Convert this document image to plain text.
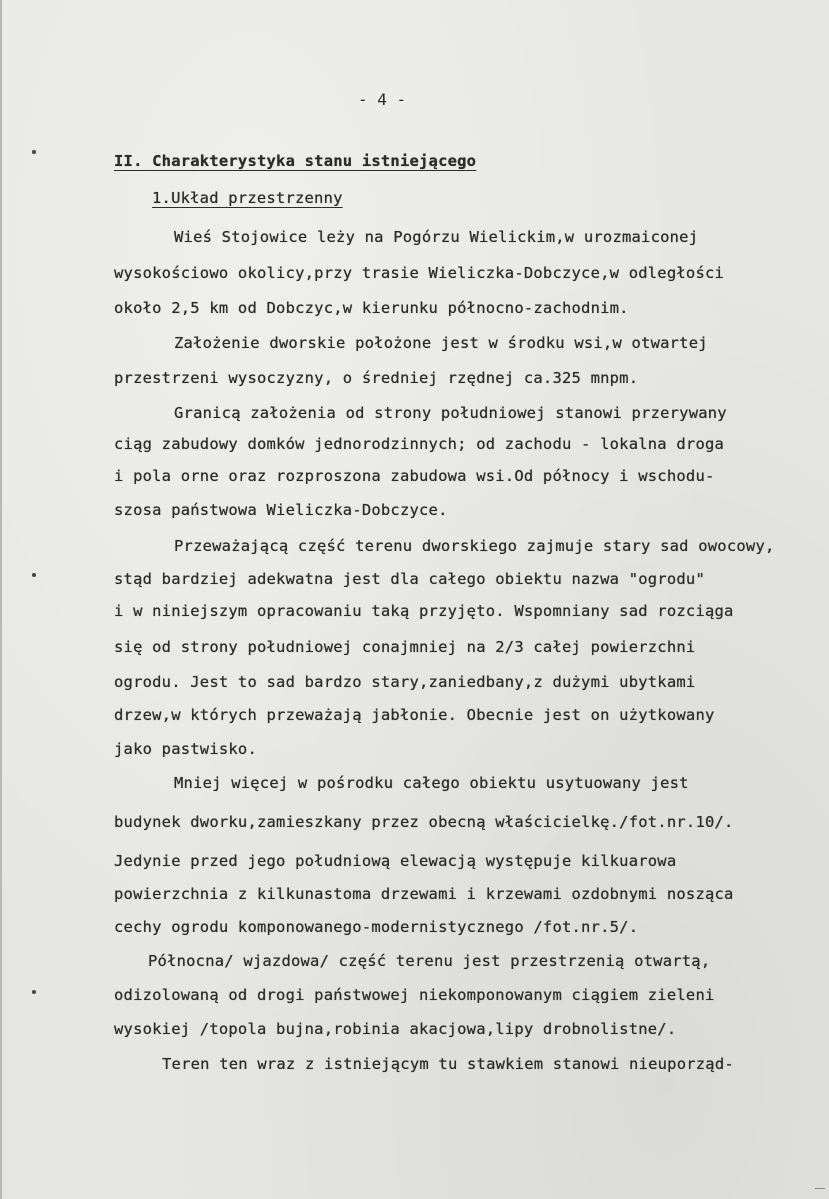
- 4 -
II. Charakterystyka stanu istniejącego
1.Układ przestrzenny
Wieś Stojowice leży na Pogórzu Wielickim,w urozmaiconej
wysokościowo okolicy,przy trasie Wieliczka-Dobczyce,w odległości
około 2,5 km od Dobczyc,w kierunku północno-zachodnim.
Założenie dworskie położone jest w środku wsi,w otwartej
przestrzeni wysoczyzny, o średniej rzędnej ca.325 mnpm.
Granicą założenia od strony południowej stanowi przerywany
ciąg zabudowy domków jednorodzinnych; od zachodu - lokalna droga
i pola orne oraz rozproszona zabudowa wsi.Od północy i wschodu-
szosa państwowa Wieliczka-Dobczyce.
Przeważającą część terenu dworskiego zajmuje stary sad owocowy,
stąd bardziej adekwatna jest dla całego obiektu nazwa "ogrodu"
i w niniejszym opracowaniu taką przyjęto. Wspomniany sad rozciąga
się od strony południowej conajmniej na 2/3 całej powierzchni
ogrodu. Jest to sad bardzo stary,zaniedbany,z dużymi ubytkami
drzew,w których przeważają jabłonie. Obecnie jest on użytkowany
jako pastwisko.
Mniej więcej w pośrodku całego obiektu usytuowany jest
budynek dworku,zamieszkany przez obecną właścicielkę./fot.nr.10/.
Jedynie przed jego południową elewacją występuje kilkuarowa
powierzchnia z kilkunastoma drzewami i krzewami ozdobnymi nosząca
cechy ogrodu komponowanego-modernistycznego /fot.nr.5/.
Północna/ wjazdowa/ część terenu jest przestrzenią otwartą,
odizolowaną od drogi państwowej niekomponowanym ciągiem zieleni
wysokiej /topola bujna,robinia akacjowa,lipy drobnolistne/.
Teren ten wraz z istniejącym tu stawkiem stanowi nieuporząd-
